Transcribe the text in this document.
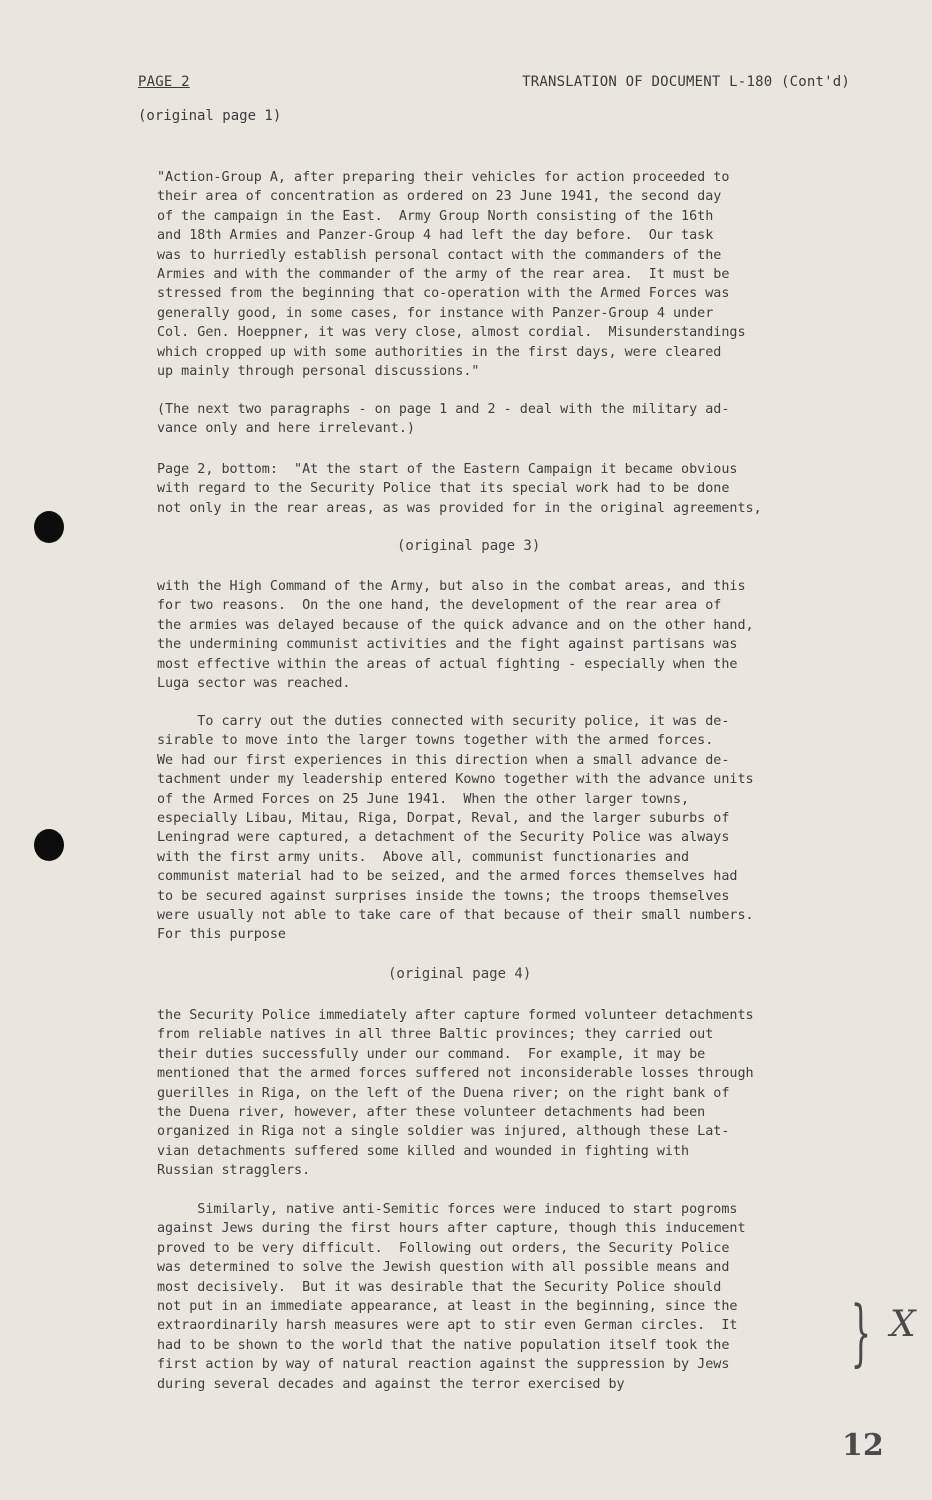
PAGE 2	TRANSLATION OF DOCUMENT L-180 (Cont'd)
(original page 1)

"Action-Group A, after preparing their vehicles for action proceeded to
their area of concentration as ordered on 23 June 1941, the second day
of the campaign in the East.  Army Group North consisting of the 16th
and 18th Armies and Panzer-Group 4 had left the day before.  Our task
was to hurriedly establish personal contact with the commanders of the
Armies and with the commander of the army of the rear area.  It must be
stressed from the beginning that co-operation with the Armed Forces was
generally good, in some cases, for instance with Panzer-Group 4 under
Col. Gen. Hoeppner, it was very close, almost cordial.  Misunderstandings
which cropped up with some authorities in the first days, were cleared
up mainly through personal discussions."

(The next two paragraphs - on page 1 and 2 - deal with the military ad-
vance only and here irrelevant.)

Page 2, bottom:  "At the start of the Eastern Campaign it became obvious
with regard to the Security Police that its special work had to be done
not only in the rear areas, as was provided for in the original agreements,

(original page 3)

with the High Command of the Army, but also in the combat areas, and this
for two reasons.  On the one hand, the development of the rear area of
the armies was delayed because of the quick advance and on the other hand,
the undermining communist activities and the fight against partisans was
most effective within the areas of actual fighting - especially when the
Luga sector was reached.

To carry out the duties connected with security police, it was de-
sirable to move into the larger towns together with the armed forces.
We had our first experiences in this direction when a small advance de-
tachment under my leadership entered Kowno together with the advance units
of the Armed Forces on 25 June 1941.  When the other larger towns,
especially Libau, Mitau, Riga, Dorpat, Reval, and the larger suburbs of
Leningrad were captured, a detachment of the Security Police was always
with the first army units.  Above all, communist functionaries and
communist material had to be seized, and the armed forces themselves had
to be secured against surprises inside the towns; the troops themselves
were usually not able to take care of that because of their small numbers.
For this purpose

(original page 4)

the Security Police immediately after capture formed volunteer detachments
from reliable natives in all three Baltic provinces; they carried out
their duties successfully under our command.  For example, it may be
mentioned that the armed forces suffered not inconsiderable losses through
guerilles in Riga, on the left of the Duena river; on the right bank of
the Duena river, however, after these volunteer detachments had been
organized in Riga not a single soldier was injured, although these Lat-
vian detachments suffered some killed and wounded in fighting with
Russian stragglers.

Similarly, native anti-Semitic forces were induced to start pogroms
against Jews during the first hours after capture, though this inducement
proved to be very difficult.  Following out orders, the Security Police
was determined to solve the Jewish question with all possible means and
most decisively.  But it was desirable that the Security Police should
not put in an immediate appearance, at least in the beginning, since the
extraordinarily harsh measures were apt to stir even German circles.  It
had to be shown to the world that the native population itself took the
first action by way of natural reaction against the suppression by Jews
during several decades and against the terror exercised by

} X
12
